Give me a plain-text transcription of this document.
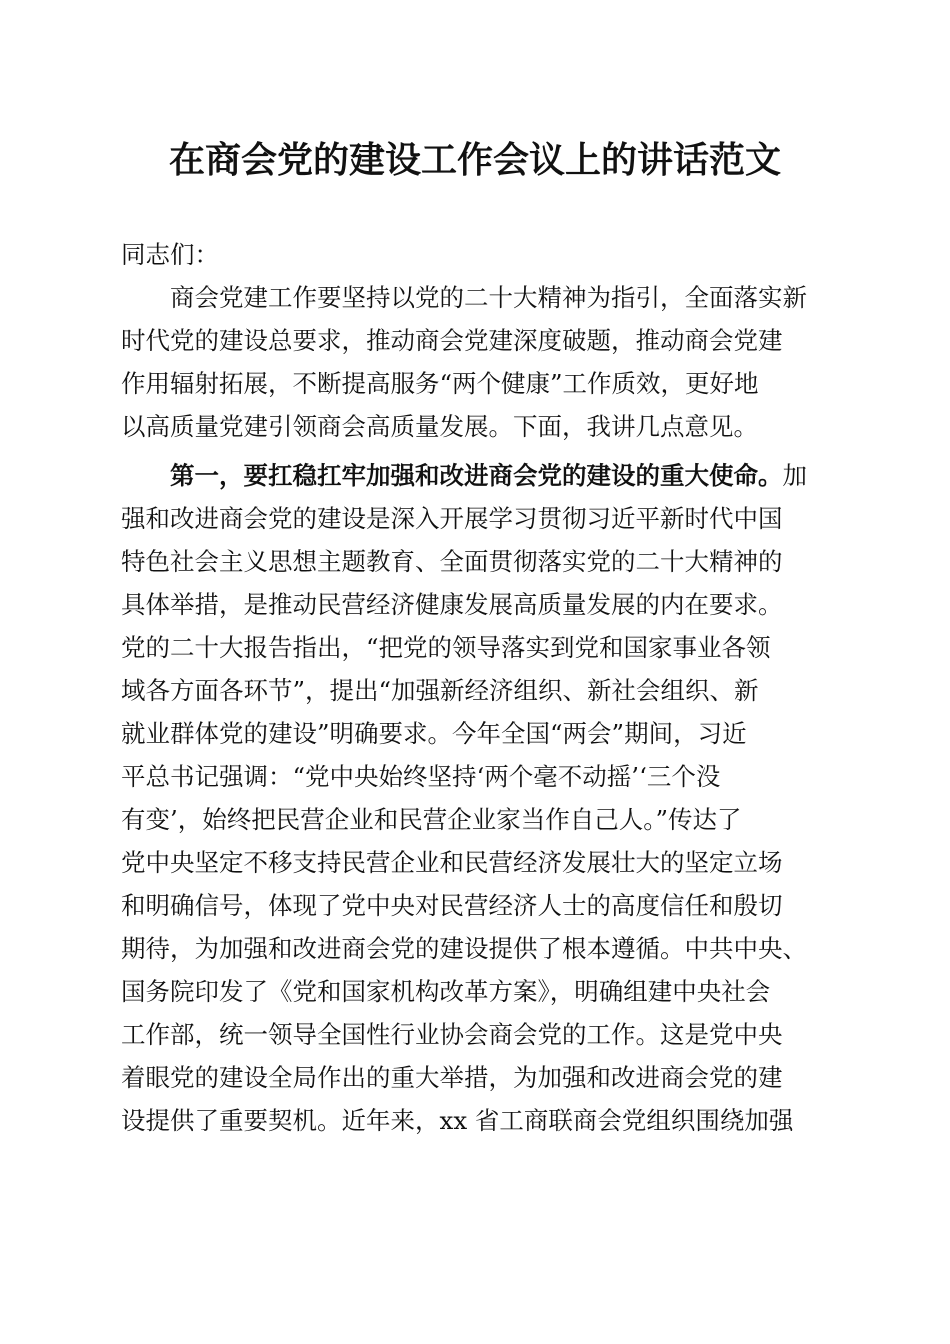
在商会党的建设工作会议上的讲话范文
同志们：
　　商会党建工作要坚持以党的二十大精神为指引，全面落实新
时代党的建设总要求，推动商会党建深度破题，推动商会党建
作用辐射拓展，不断提高服务“两个健康”工作质效，更好地
以高质量党建引领商会高质量发展。下面，我讲几点意见。
　　第一，要扛稳扛牢加强和改进商会党的建设的重大使命。加
强和改进商会党的建设是深入开展学习贯彻习近平新时代中国
特色社会主义思想主题教育、全面贯彻落实党的二十大精神的
具体举措，是推动民营经济健康发展高质量发展的内在要求。
党的二十大报告指出，“把党的领导落实到党和国家事业各领
域各方面各环节”，提出“加强新经济组织、新社会组织、新
就业群体党的建设”明确要求。今年全国“两会”期间，习近
平总书记强调：“党中央始终坚持‘两个毫不动摇’‘三个没
有变’，始终把民营企业和民营企业家当作自己人。”传达了
党中央坚定不移支持民营企业和民营经济发展壮大的坚定立场
和明确信号，体现了党中央对民营经济人士的高度信任和殷切
期待，为加强和改进商会党的建设提供了根本遵循。中共中央、
国务院印发了《党和国家机构改革方案》，明确组建中央社会
工作部，统一领导全国性行业协会商会党的工作。这是党中央
着眼党的建设全局作出的重大举措，为加强和改进商会党的建
设提供了重要契机。近年来，xx 省工商联商会党组织围绕加强
